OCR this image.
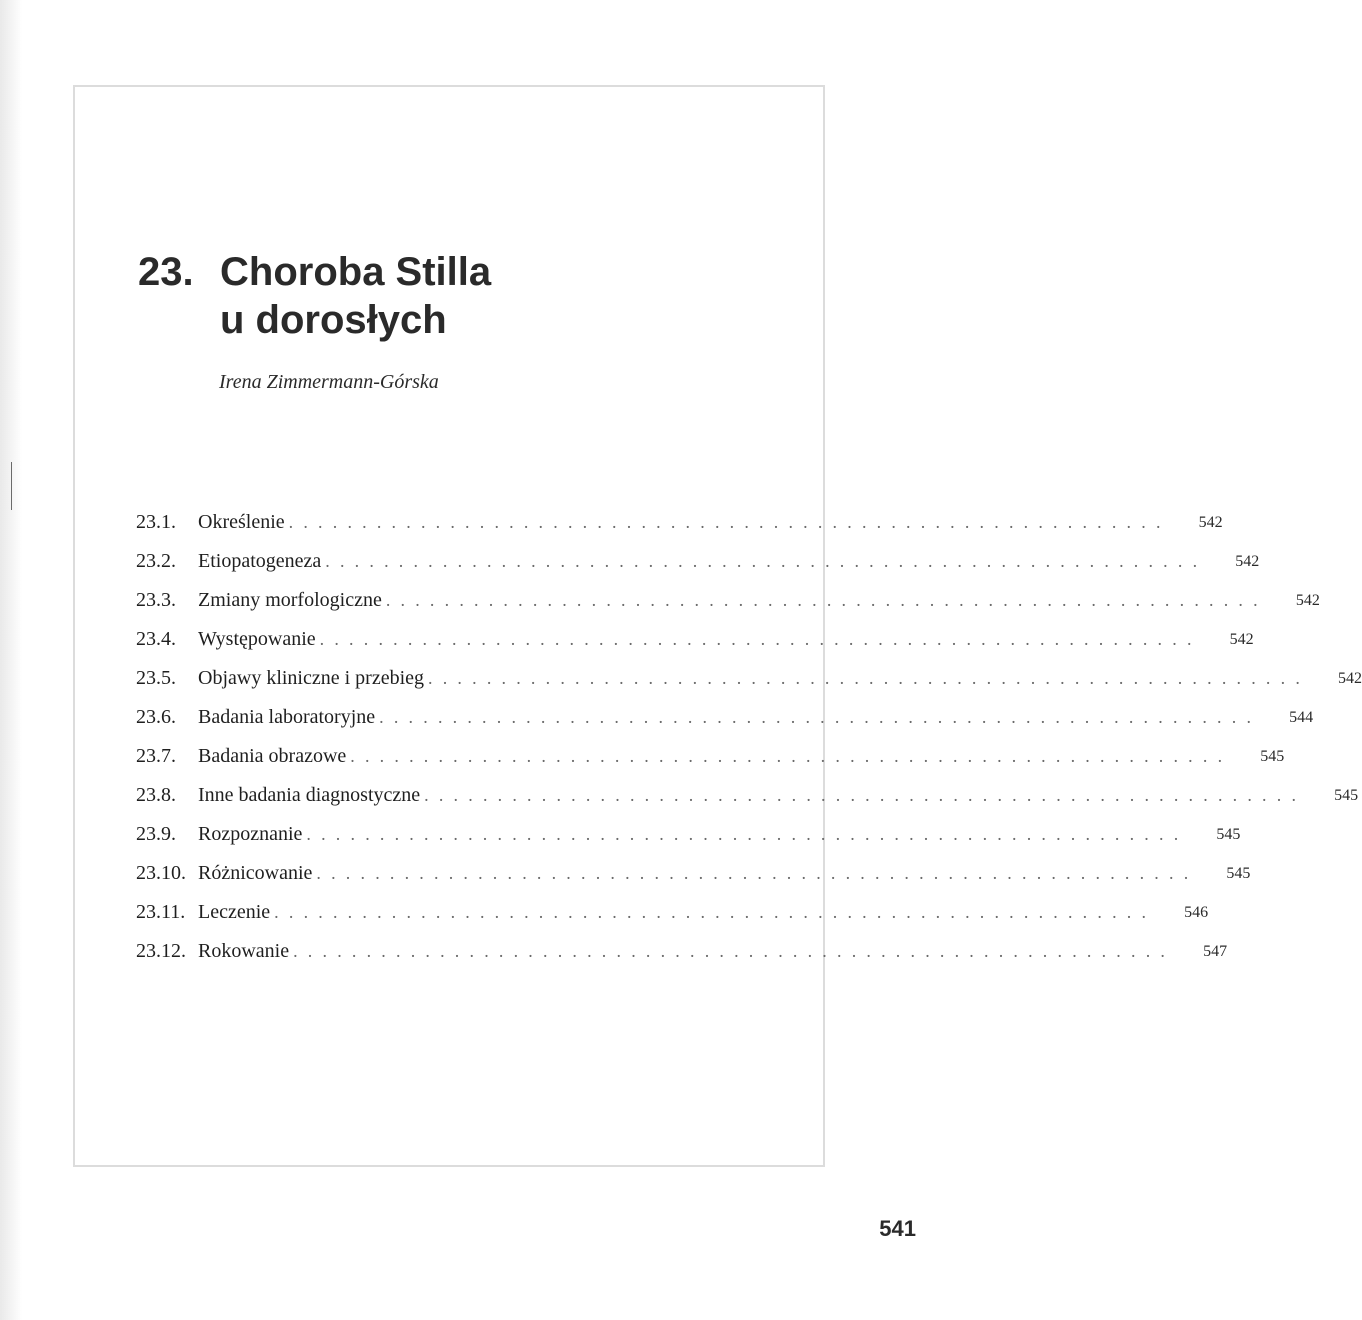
23. Choroba Stilla
u dorosłych
Irena Zimmermann-Górska
23.1.	Określenie ............................................................	542
23.2.	Etiopatogeneza ............................................................	542
23.3.	Zmiany morfologiczne ............................................................	542
23.4.	Występowanie ............................................................	542
23.5.	Objawy kliniczne i przebieg ............................................................	542
23.6.	Badania laboratoryjne ............................................................	544
23.7.	Badania obrazowe ............................................................	545
23.8.	Inne badania diagnostyczne ............................................................	545
23.9.	Rozpoznanie ............................................................	545
23.10. Różnicowanie ............................................................	545
23.11. Leczenie ............................................................	546
23.12. Rokowanie ............................................................	547
541
